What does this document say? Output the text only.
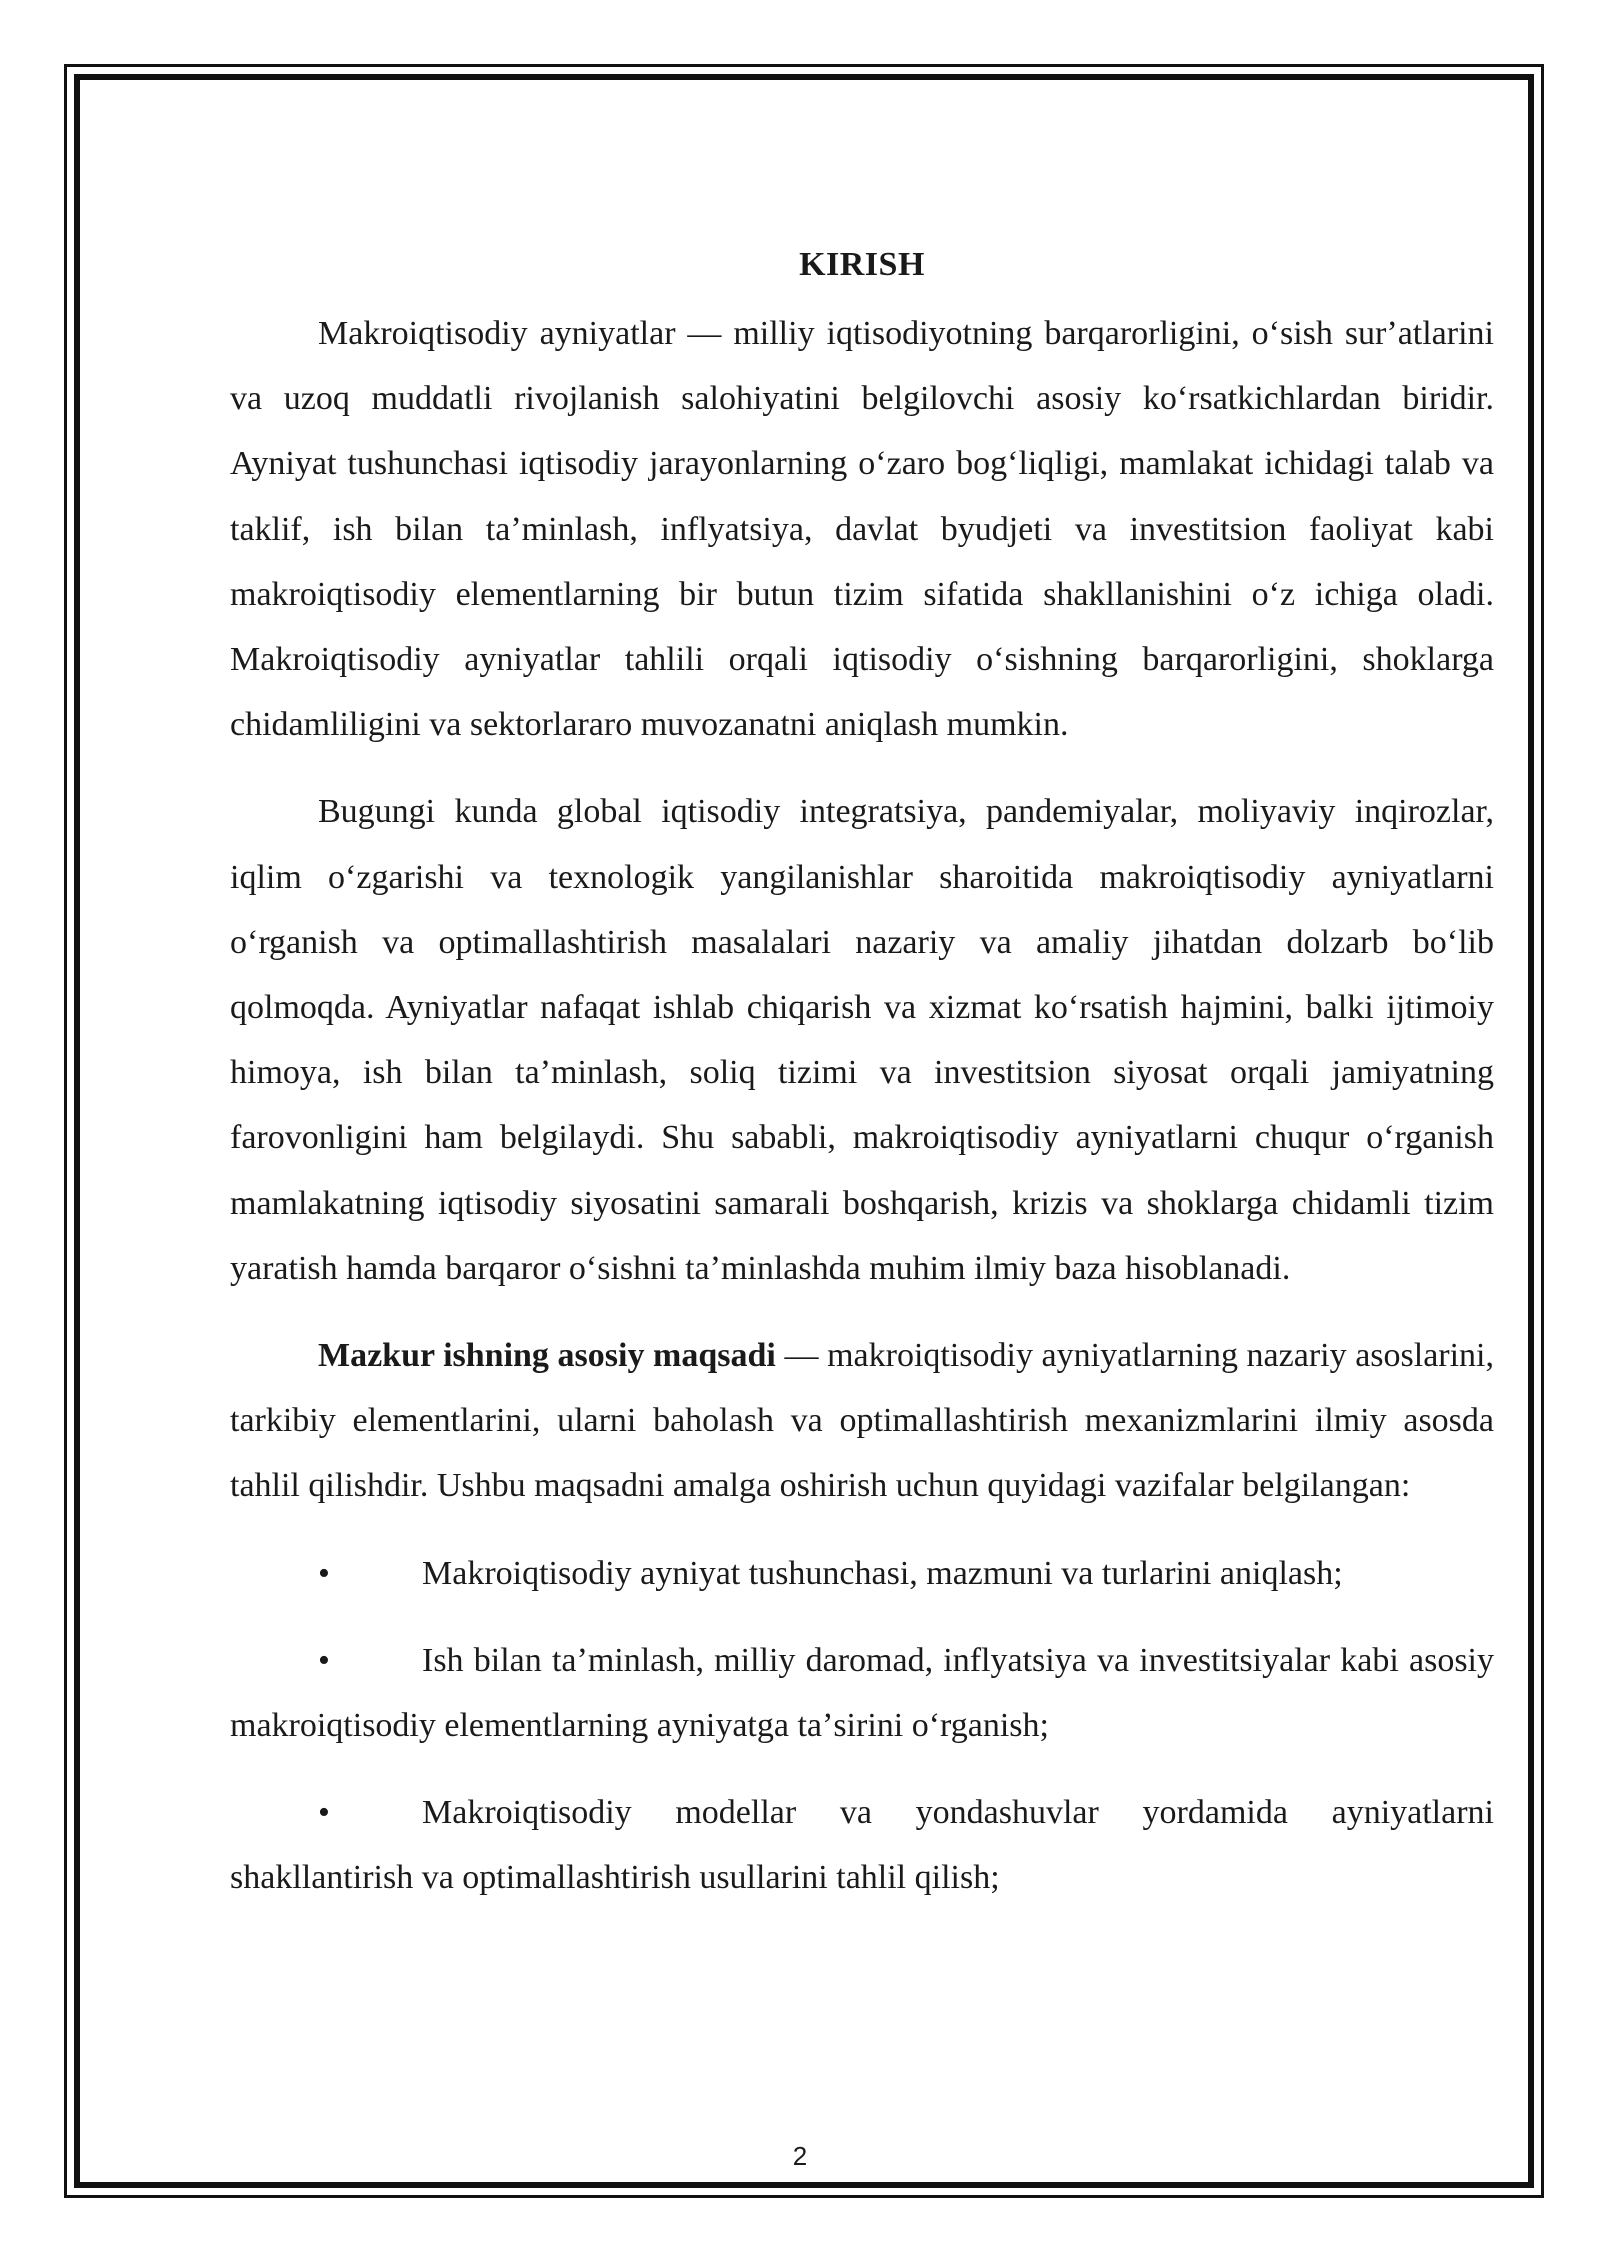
KIRISH

Makroiqtisodiy ayniyatlar — milliy iqtisodiyotning barqarorligini, oʻsish surʼatlarini va uzoq muddatli rivojlanish salohiyatini belgilovchi asosiy koʻrsatkichlardan biridir. Ayniyat tushunchasi iqtisodiy jarayonlarning oʻzaro bogʻliqligi, mamlakat ichidagi talab va taklif, ish bilan taʼminlash, inflyatsiya, davlat byudjeti va investitsion faoliyat kabi makroiqtisodiy elementlarning bir butun tizim sifatida shakllanishini oʻz ichiga oladi. Makroiqtisodiy ayniyatlar tahlili orqali iqtisodiy oʻsishning barqarorligini, shoklarga chidamliligini va sektorlararo muvozanatni aniqlash mumkin.

Bugungi kunda global iqtisodiy integratsiya, pandemiyalar, moliyaviy inqirozlar, iqlim oʻzgarishi va texnologik yangilanishlar sharoitida makroiqtisodiy ayniyatlarni oʻrganish va optimallashtirish masalalari nazariy va amaliy jihatdan dolzarb boʻlib qolmoqda. Ayniyatlar nafaqat ishlab chiqarish va xizmat koʻrsatish hajmini, balki ijtimoiy himoya, ish bilan taʼminlash, soliq tizimi va investitsion siyosat orqali jamiyatning farovonligini ham belgilaydi. Shu sababli, makroiqtisodiy ayniyatlarni chuqur oʻrganish mamlakatning iqtisodiy siyosatini samarali boshqarish, krizis va shoklarga chidamli tizim yaratish hamda barqaror oʻsishni taʼminlashda muhim ilmiy baza hisoblanadi.

Mazkur ishning asosiy maqsadi — makroiqtisodiy ayniyatlarning nazariy asoslarini, tarkibiy elementlarini, ularni baholash va optimallashtirish mexanizmlarini ilmiy asosda tahlil qilishdir. Ushbu maqsadni amalga oshirish uchun quyidagi vazifalar belgilangan:

•	Makroiqtisodiy ayniyat tushunchasi, mazmuni va turlarini aniqlash;
•	Ish bilan taʼminlash, milliy daromad, inflyatsiya va investitsiyalar kabi asosiy makroiqtisodiy elementlarning ayniyatga taʼsirini oʻrganish;
•	Makroiqtisodiy modellar va yondashuvlar yordamida ayniyatlarni shakllantirish va optimallashtirish usullarini tahlil qilish;
2
